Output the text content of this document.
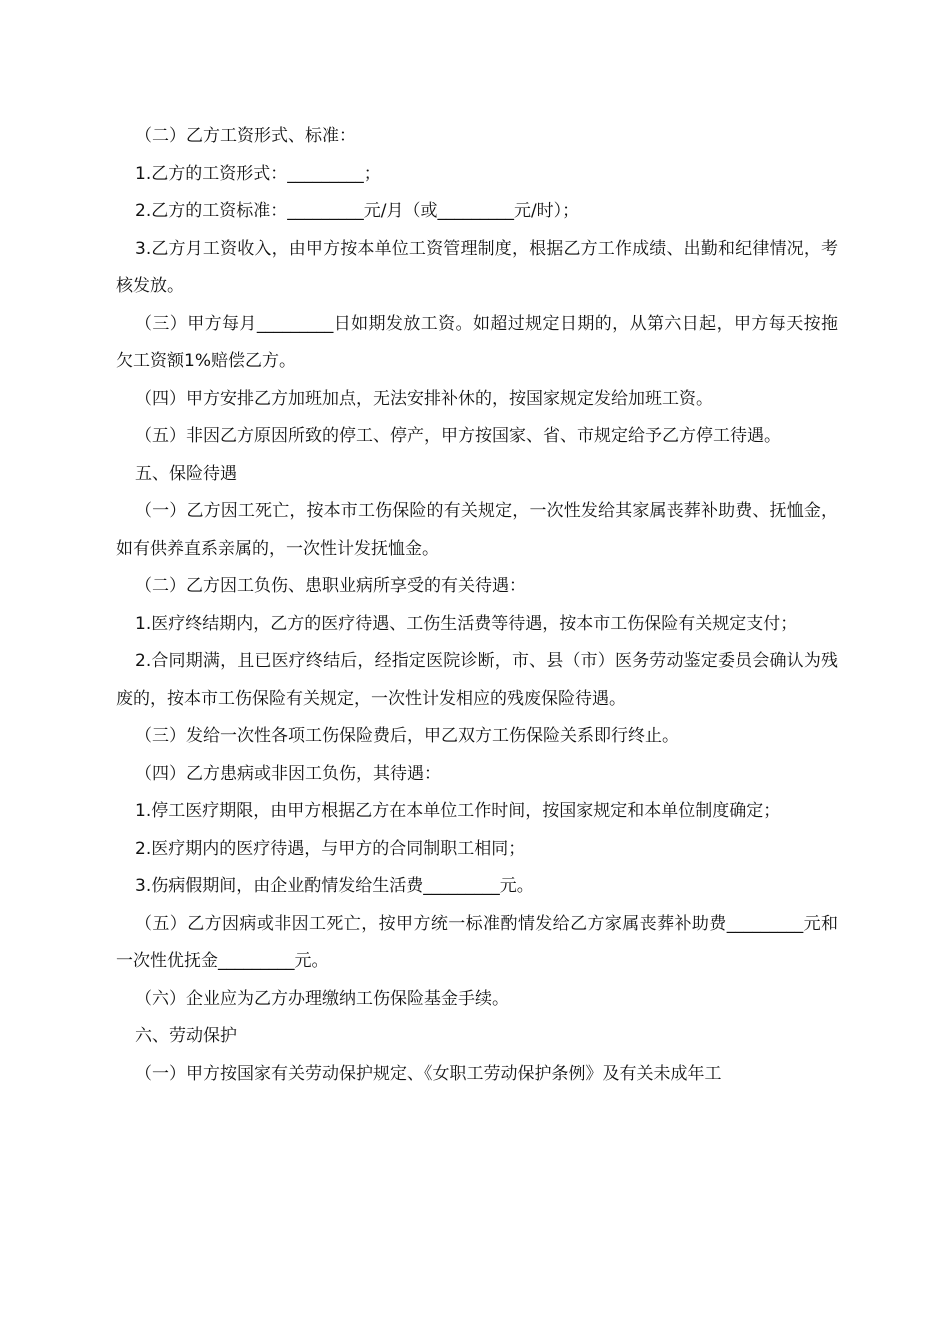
（二）乙方工资形式、标准：

1.乙方的工资形式：_________；

2.乙方的工资标准：_________元/月（或_________元/时）；

3.乙方月工资收入，由甲方按本单位工资管理制度，根据乙方工作成绩、出勤和纪律情况，考核发放。

（三）甲方每月_________日如期发放工资。如超过规定日期的，从第六日起，甲方每天按拖欠工资额1%赔偿乙方。

（四）甲方安排乙方加班加点，无法安排补休的，按国家规定发给加班工资。

（五）非因乙方原因所致的停工、停产，甲方按国家、省、市规定给予乙方停工待遇。

五、保险待遇

（一）乙方因工死亡，按本市工伤保险的有关规定，一次性发给其家属丧葬补助费、抚恤金，如有供养直系亲属的，一次性计发抚恤金。

（二）乙方因工负伤、患职业病所享受的有关待遇：

1.医疗终结期内，乙方的医疗待遇、工伤生活费等待遇，按本市工伤保险有关规定支付；

2.合同期满，且已医疗终结后，经指定医院诊断，市、县（市）医务劳动鉴定委员会确认为残废的，按本市工伤保险有关规定，一次性计发相应的残废保险待遇。

（三）发给一次性各项工伤保险费后，甲乙双方工伤保险关系即行终止。

（四）乙方患病或非因工负伤，其待遇：

1.停工医疗期限，由甲方根据乙方在本单位工作时间，按国家规定和本单位制度确定；

2.医疗期内的医疗待遇，与甲方的合同制职工相同；

3.伤病假期间，由企业酌情发给生活费_________元。

（五）乙方因病或非因工死亡，按甲方统一标准酌情发给乙方家属丧葬补助费_________元和一次性优抚金_________元。

（六）企业应为乙方办理缴纳工伤保险基金手续。

六、劳动保护

（一）甲方按国家有关劳动保护规定、《女职工劳动保护条例》及有关未成年工
